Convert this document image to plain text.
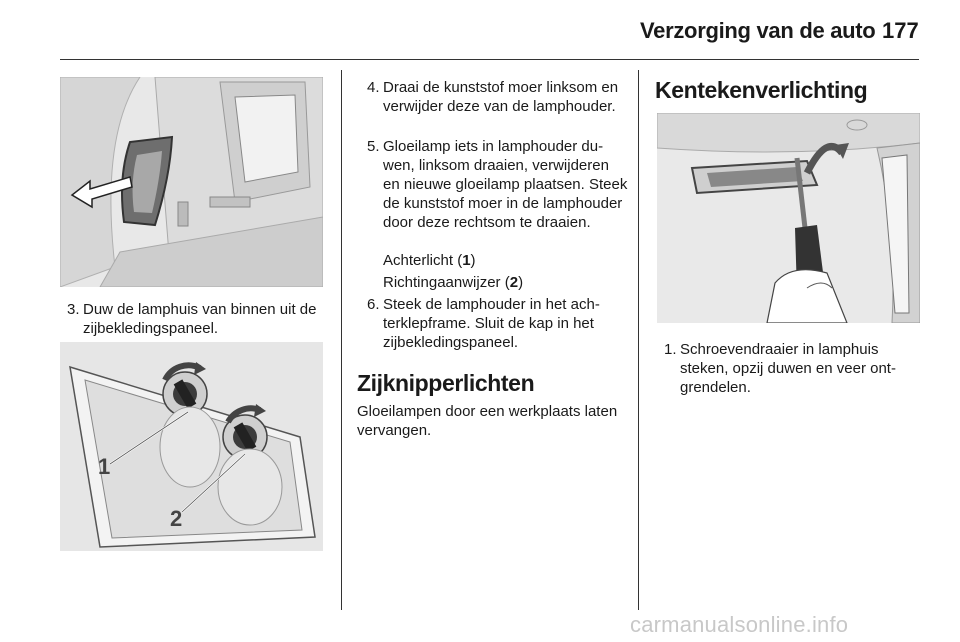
Verzorging van de auto 177
3. Duw de lamphuis van binnen uit de zijbekledingspaneel.
1
2
4. Draai de kunststof moer linksom en verwijder deze van de lamphouder.
5. Gloeilamp iets in lamphouder duwen, linksom draaien, verwijderen en nieuwe gloeilamp plaatsen. Steek de kunststof moer in de lamphouder door deze rechtsom te draaien.
Achterlicht (1)
Richtingaanwijzer (2)
6. Steek de lamphouder in het achterklepframe. Sluit de kap in het zijbekledingspaneel.
Zijknipperlichten
Gloeilampen door een werkplaats laten vervangen.
Kentekenverlichting
1. Schroevendraaier in lamphuis steken, opzij duwen en veer ontgrendelen.
carmanualsonline.info
